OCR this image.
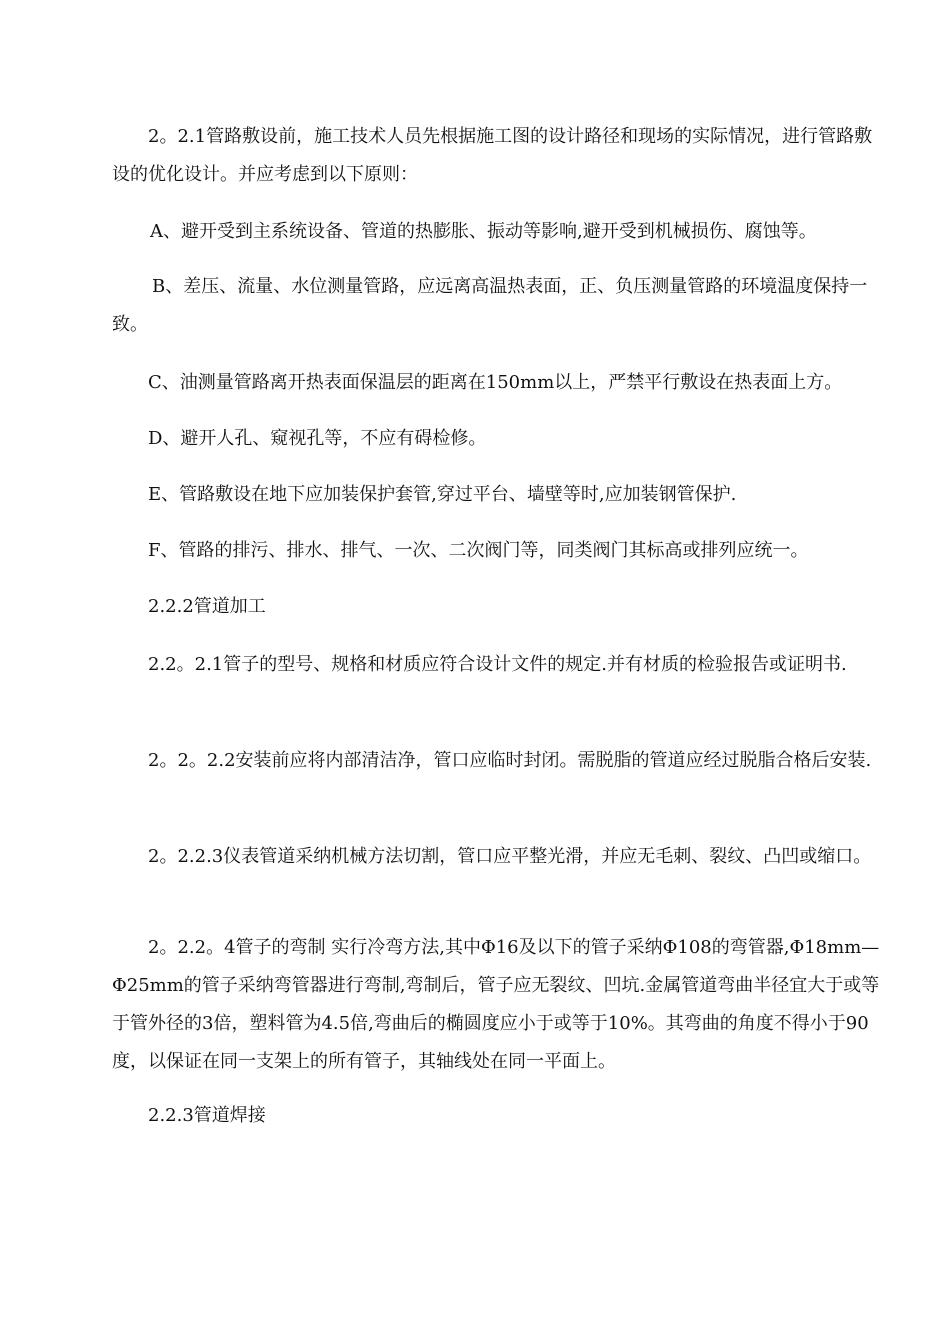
2。2.1管路敷设前，施工技术人员先根据施工图的设计路径和现场的实际情况，进行管路敷设的优化设计。并应考虑到以下原则：

A、避开受到主系统设备、管道的热膨胀、振动等影响,避开受到机械损伤、腐蚀等。

B、差压、流量、水位测量管路，应远离高温热表面，正、负压测量管路的环境温度保持一致。

C、油测量管路离开热表面保温层的距离在150mm以上，严禁平行敷设在热表面上方。

D、避开人孔、窥视孔等，不应有碍检修。

E、管路敷设在地下应加装保护套管,穿过平台、墙壁等时,应加装钢管保护.

F、管路的排污、排水、排气、一次、二次阀门等，同类阀门其标高或排列应统一。

2.2.2管道加工

2.2。2.1管子的型号、规格和材质应符合设计文件的规定.并有材质的检验报告或证明书.

2。2。2.2安装前应将内部清洁净，管口应临时封闭。需脱脂的管道应经过脱脂合格后安装.

2。2.2.3仪表管道采纳机械方法切割，管口应平整光滑，并应无毛刺、裂纹、凸凹或缩口。

2。2.2。4管子的弯制 实行冷弯方法,其中Φ16及以下的管子采纳Φ108的弯管器,Φ18mm—Φ25mm的管子采纳弯管器进行弯制,弯制后，管子应无裂纹、凹坑.金属管道弯曲半径宜大于或等于管外径的3倍，塑料管为4.5倍,弯曲后的椭圆度应小于或等于10%。其弯曲的角度不得小于90度，以保证在同一支架上的所有管子，其轴线处在同一平面上。

2.2.3管道焊接
